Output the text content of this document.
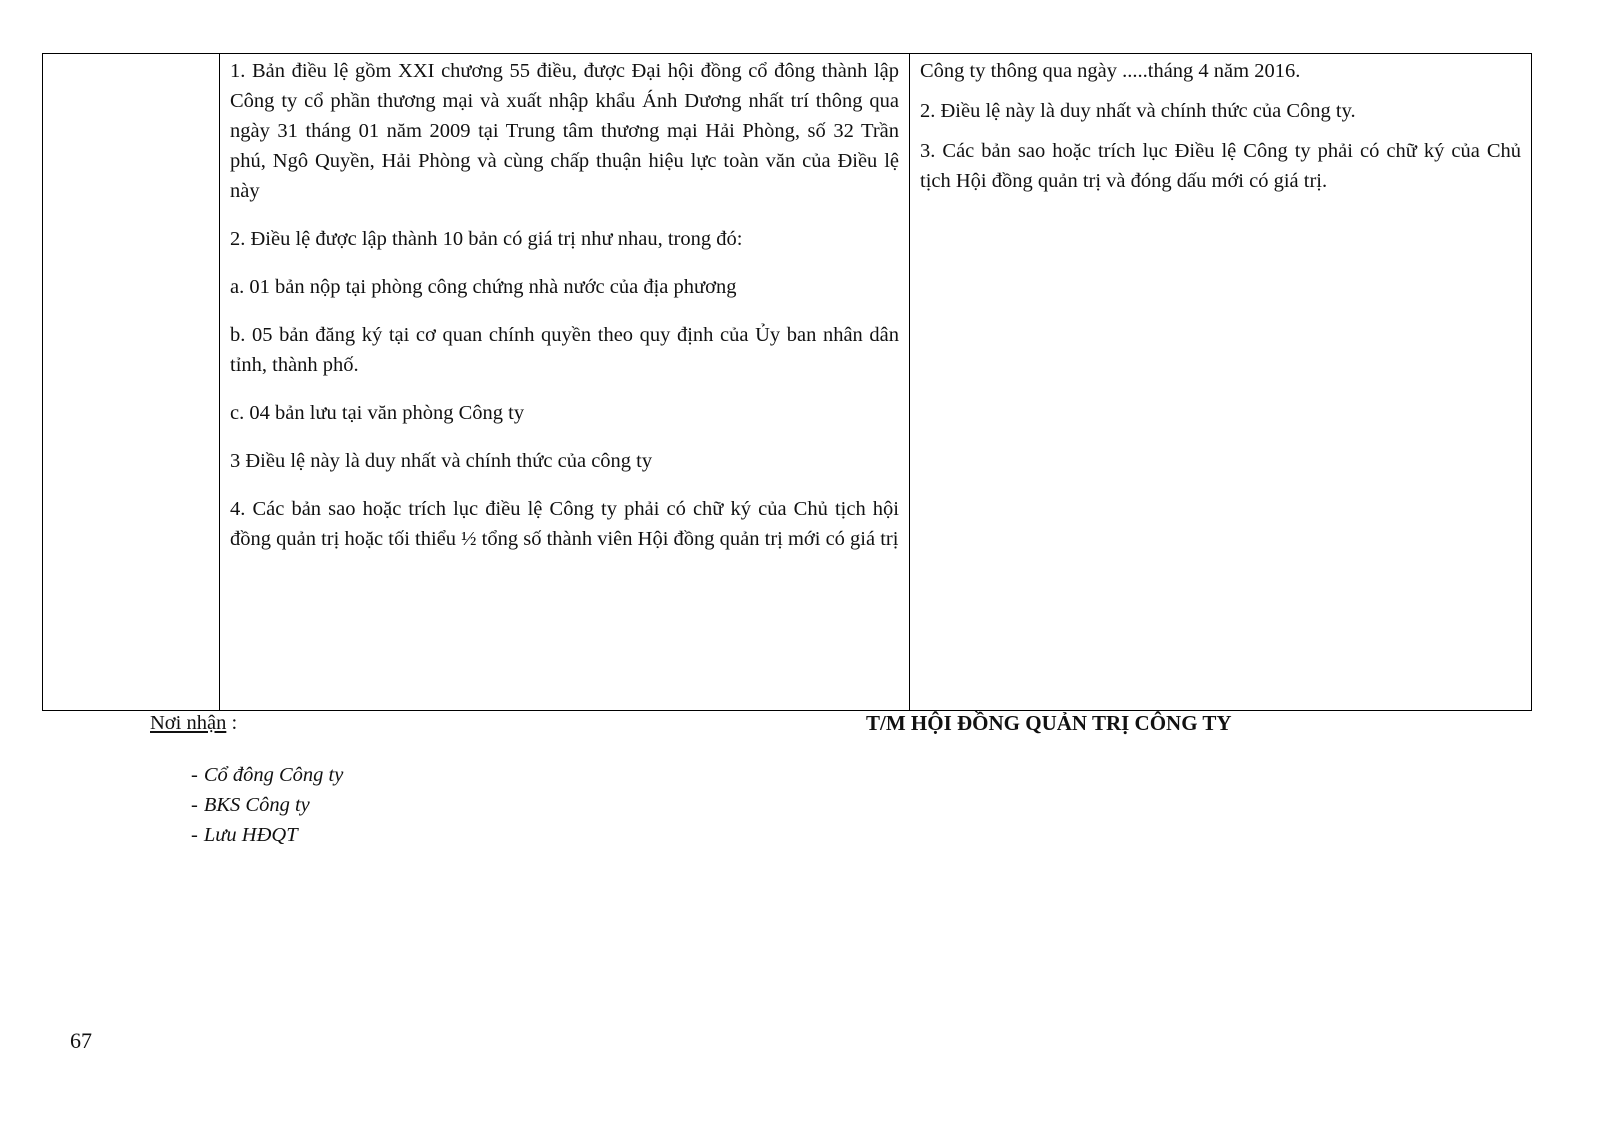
1. Bản điều lệ gồm XXI chương 55 điều, được Đại hội đồng cổ đông thành lập Công ty cổ phần thương mại và xuất nhập khẩu Ánh Dương nhất trí thông qua ngày 31 tháng 01 năm 2009 tại Trung tâm thương mại Hải Phòng, số 32 Trần phú, Ngô Quyền, Hải Phòng và cùng chấp thuận hiệu lực toàn văn của Điều lệ này

2. Điều lệ được lập thành 10 bản có giá trị như nhau, trong đó:

a. 01 bản nộp tại phòng công chứng nhà nước của địa phương

b. 05 bản đăng ký tại cơ quan chính quyền theo quy định của Ủy ban nhân dân tỉnh, thành phố.

c. 04 bản lưu tại văn phòng Công ty

3 Điều lệ này là duy nhất và chính thức của công ty

4. Các bản sao hoặc trích lục điều lệ Công ty phải có chữ ký của Chủ tịch hội đồng quản trị hoặc tối thiểu ½ tổng số thành viên Hội đồng quản trị mới có giá trị

Công ty thông qua ngày .....tháng 4 năm 2016.

2. Điều lệ này là duy nhất và chính thức của Công ty.

3. Các bản sao hoặc trích lục Điều lệ Công ty phải có chữ ký của Chủ tịch Hội đồng quản trị và đóng dấu mới có giá trị.

Nơi nhận :	T/M HỘI ĐỒNG QUẢN TRỊ CÔNG TY
- Cổ đông Công ty
- BKS Công ty
- Lưu HĐQT
67
